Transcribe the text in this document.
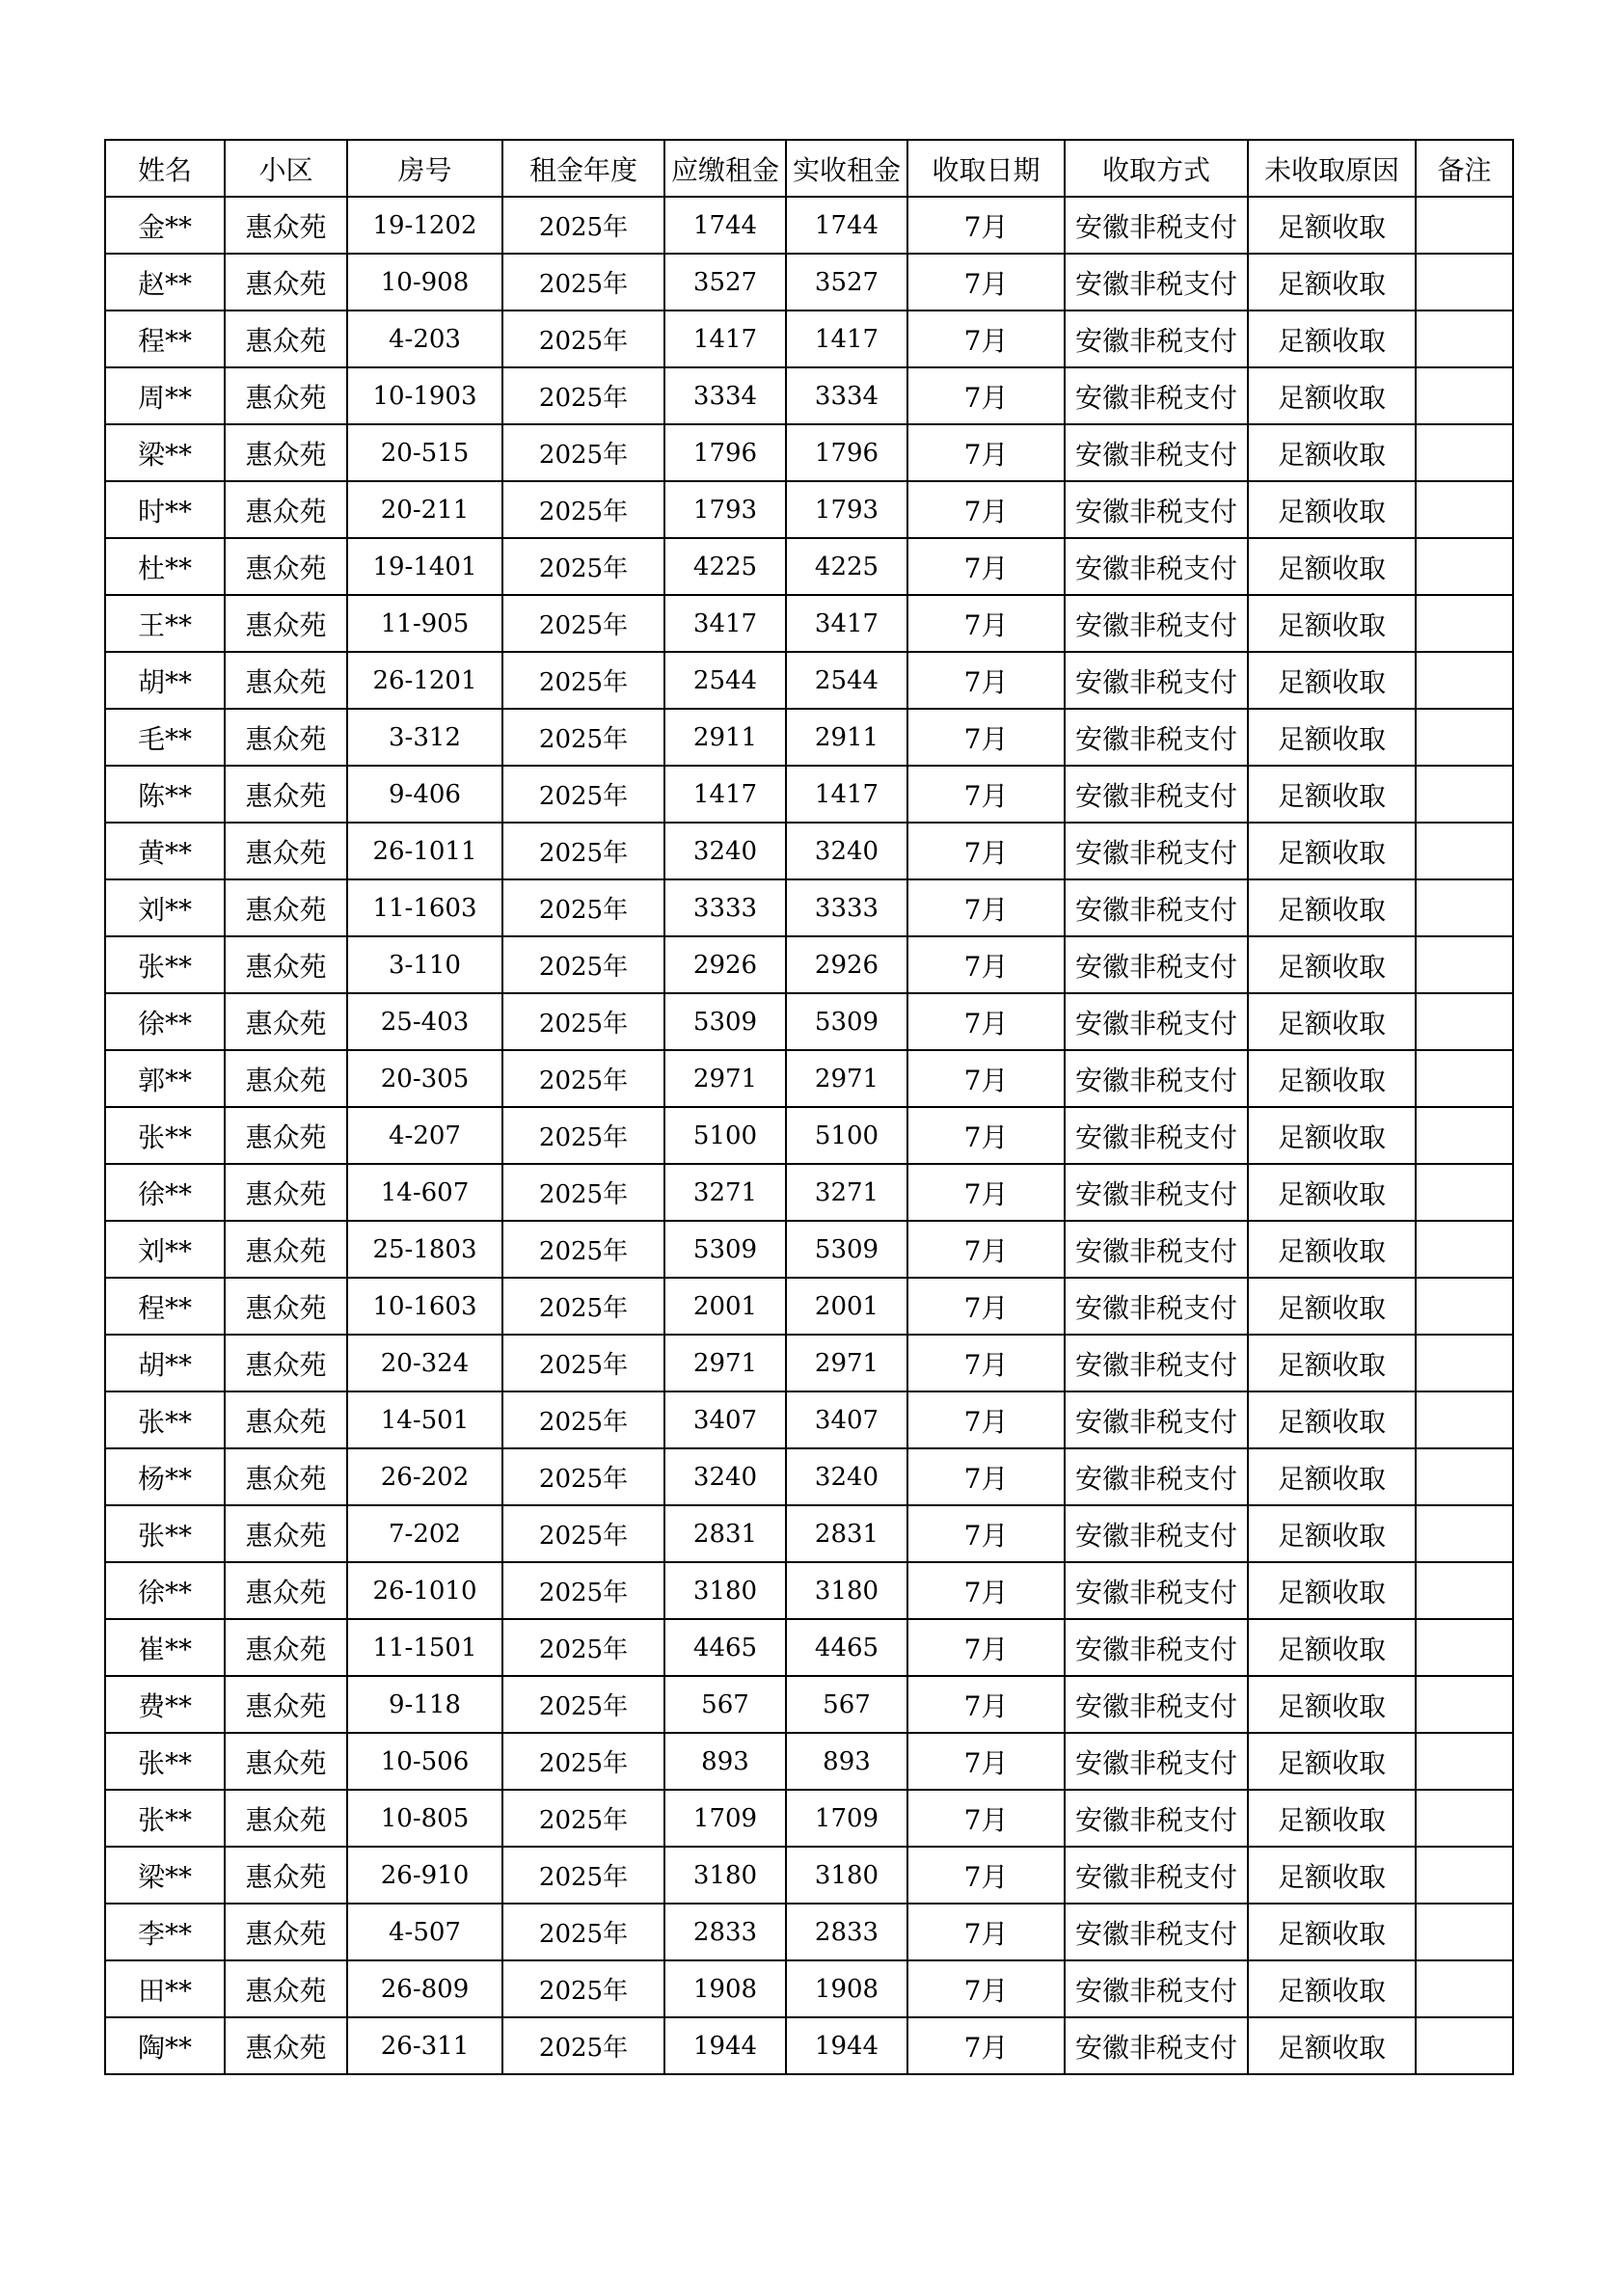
姓名	小区	房号	租金年度	应缴租金	实收租金	收取日期	收取方式	未收取原因	备注
金**	惠众苑	19-1202	2025年	1744	1744	7月	安徽非税支付	足额收取	
赵**	惠众苑	10-908	2025年	3527	3527	7月	安徽非税支付	足额收取	
程**	惠众苑	4-203	2025年	1417	1417	7月	安徽非税支付	足额收取	
周**	惠众苑	10-1903	2025年	3334	3334	7月	安徽非税支付	足额收取	
梁**	惠众苑	20-515	2025年	1796	1796	7月	安徽非税支付	足额收取	
时**	惠众苑	20-211	2025年	1793	1793	7月	安徽非税支付	足额收取	
杜**	惠众苑	19-1401	2025年	4225	4225	7月	安徽非税支付	足额收取	
王**	惠众苑	11-905	2025年	3417	3417	7月	安徽非税支付	足额收取	
胡**	惠众苑	26-1201	2025年	2544	2544	7月	安徽非税支付	足额收取	
毛**	惠众苑	3-312	2025年	2911	2911	7月	安徽非税支付	足额收取	
陈**	惠众苑	9-406	2025年	1417	1417	7月	安徽非税支付	足额收取	
黄**	惠众苑	26-1011	2025年	3240	3240	7月	安徽非税支付	足额收取	
刘**	惠众苑	11-1603	2025年	3333	3333	7月	安徽非税支付	足额收取	
张**	惠众苑	3-110	2025年	2926	2926	7月	安徽非税支付	足额收取	
徐**	惠众苑	25-403	2025年	5309	5309	7月	安徽非税支付	足额收取	
郭**	惠众苑	20-305	2025年	2971	2971	7月	安徽非税支付	足额收取	
张**	惠众苑	4-207	2025年	5100	5100	7月	安徽非税支付	足额收取	
徐**	惠众苑	14-607	2025年	3271	3271	7月	安徽非税支付	足额收取	
刘**	惠众苑	25-1803	2025年	5309	5309	7月	安徽非税支付	足额收取	
程**	惠众苑	10-1603	2025年	2001	2001	7月	安徽非税支付	足额收取	
胡**	惠众苑	20-324	2025年	2971	2971	7月	安徽非税支付	足额收取	
张**	惠众苑	14-501	2025年	3407	3407	7月	安徽非税支付	足额收取	
杨**	惠众苑	26-202	2025年	3240	3240	7月	安徽非税支付	足额收取	
张**	惠众苑	7-202	2025年	2831	2831	7月	安徽非税支付	足额收取	
徐**	惠众苑	26-1010	2025年	3180	3180	7月	安徽非税支付	足额收取	
崔**	惠众苑	11-1501	2025年	4465	4465	7月	安徽非税支付	足额收取	
费**	惠众苑	9-118	2025年	567	567	7月	安徽非税支付	足额收取	
张**	惠众苑	10-506	2025年	893	893	7月	安徽非税支付	足额收取	
张**	惠众苑	10-805	2025年	1709	1709	7月	安徽非税支付	足额收取	
梁**	惠众苑	26-910	2025年	3180	3180	7月	安徽非税支付	足额收取	
李**	惠众苑	4-507	2025年	2833	2833	7月	安徽非税支付	足额收取	
田**	惠众苑	26-809	2025年	1908	1908	7月	安徽非税支付	足额收取	
陶**	惠众苑	26-311	2025年	1944	1944	7月	安徽非税支付	足额收取	
